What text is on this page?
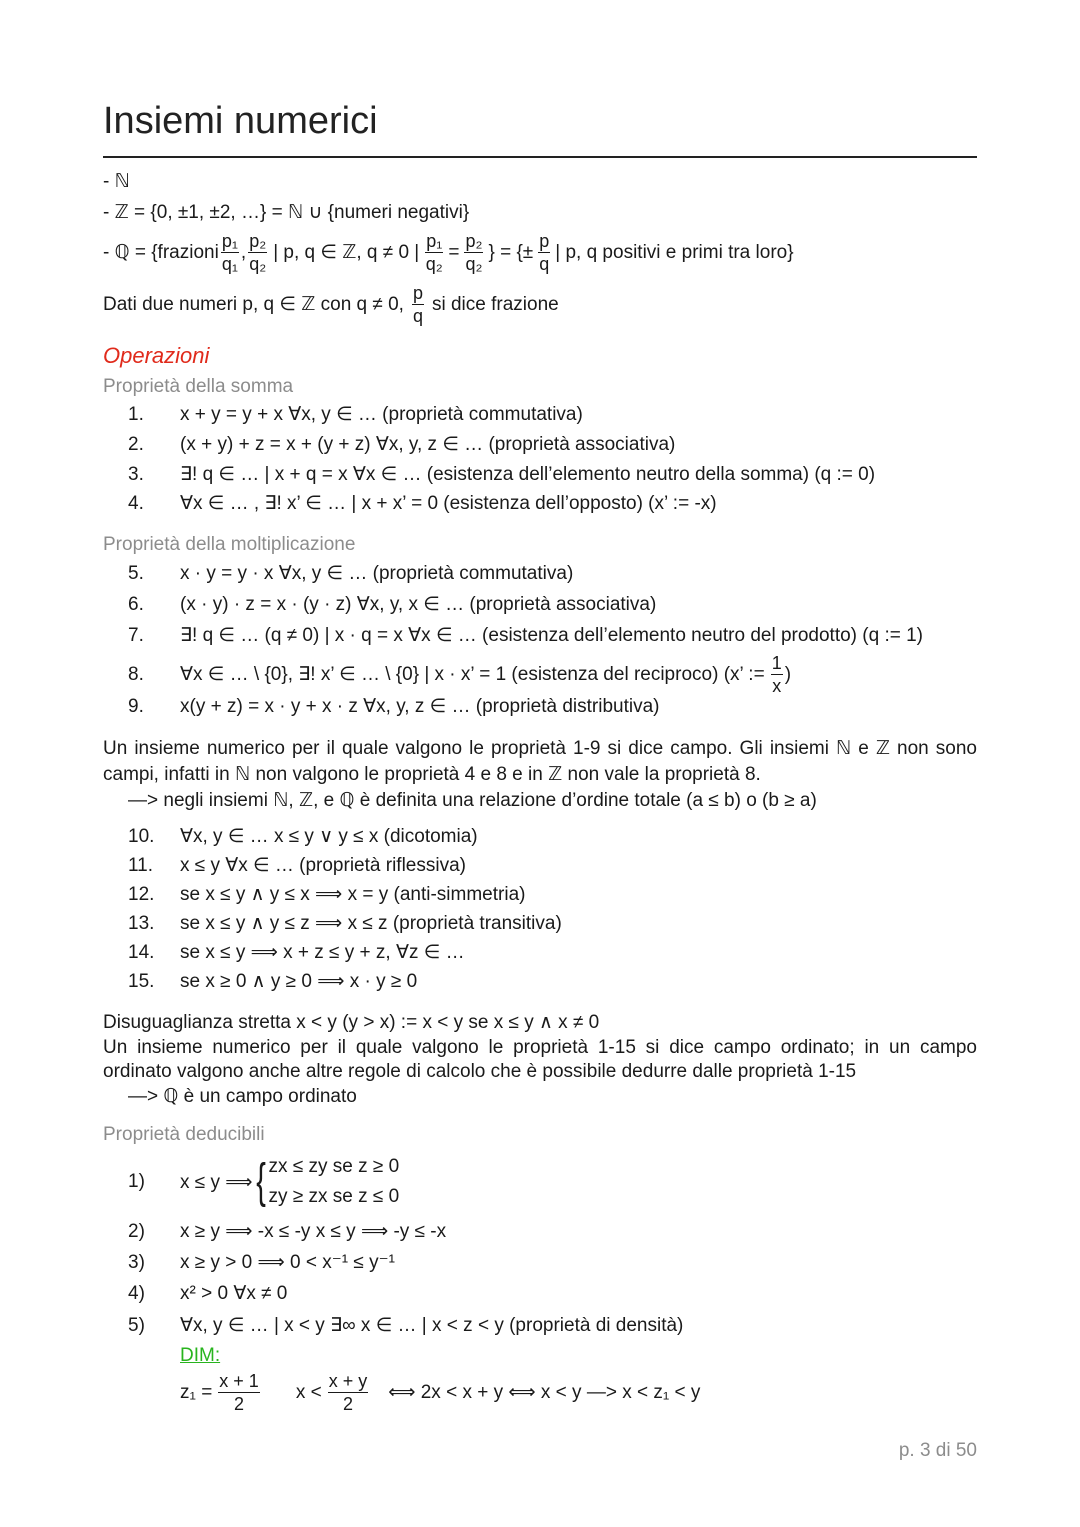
Insiemi numerici
- ℕ
- ℤ = {0, ±1, ±2, …} = ℕ ∪ {numeri negativi}
- ℚ = {frazioni $\frac{\text{p₁}}{\text{q₁}}$ , $\frac{\text{p₂}}{\text{q₂}}$ | p, q ∈ ℤ, q ≠ 0 | $\frac{\text{p₁}}{\text{q₂}} = \frac{\text{p₂}}{\text{q₂}}$ } = {± $\frac{p}{q}$ | p, q positivi e primi tra loro}
Dati due numeri p, q ∈ ℤ con q ≠ 0, $\frac{p}{q}$ si dice frazione
Operazioni
Proprietà della somma
1. x + y = y + x ∀x, y ∈ … (proprietà commutativa)
2. (x + y) + z = x + (y + z) ∀x, y, z ∈ … (proprietà associativa)
3. ∃! q ∈ … | x + q = x ∀x ∈ … (esistenza dell’elemento neutro della somma) (q := 0)
4. ∀x ∈ … , ∃! x’ ∈ … | x + x’ = 0 (esistenza dell’opposto) (x’ := -x)
Proprietà della moltiplicazione
5. x · y = y · x ∀x, y ∈ … (proprietà commutativa)
6. (x · y) · z = x · (y · z) ∀x, y, x ∈ … (proprietà associativa)
7. ∃! q ∈ … (q ≠ 0) | x · q = x ∀x ∈ … (esistenza dell’elemento neutro del prodotto) (q := 1)
8.	∀x ∈ … \ {0}, ∃! x’ ∈ … \ {0} | x · x’ = 1 (esistenza del reciproco) (x’ := $\frac{1}{x}$ )
9. x(y + z) = x · y + x · z ∀x, y, z ∈ … (proprietà distributiva)
Un insieme numerico per il quale valgono le proprietà 1-9 si dice campo. Gli insiemi ℕ e ℤ non sono campi, infatti in ℕ non valgono le proprietà 4 e 8 e in ℤ non vale la proprietà 8.
—> negli insiemi ℕ, ℤ, e ℚ è definita una relazione d’ordine totale (a ≤ b) o (b ≥ a)
10. ∀x, y ∈ … x ≤ y ∨ y ≤ x (dicotomia)
11. x ≤ y ∀x ∈ … (proprietà riflessiva)
12. se x ≤ y ∧ y ≤ x ⟹ x = y (anti-simmetria)
13. se x ≤ y ∧ y ≤ z ⟹ x ≤ z (proprietà transitiva)
14. se x ≤ y ⟹ x + z ≤ y + z, ∀z ∈ …
15. se x ≥ 0 ∧ y ≥ 0 ⟹ x · y ≥ 0
Disuguaglianza stretta x < y (y > x) := x < y se x ≤ y ∧ x ≠ 0
Un insieme numerico per il quale valgono le proprietà 1-15 si dice campo ordinato; in un campo ordinato valgono anche altre regole di calcolo che è possibile dedurre dalle proprietà 1-15
—> ℚ è un campo ordinato
Proprietà deducibili
1)	x ≤ y ⟹ { zx ≤ zy se z ≥ 0
zy ≥ zx se z ≤ 0
2) x ≥ y ⟹ -x ≤ -y x ≤ y ⟹ -y ≤ -x
3) x ≥ y > 0 ⟹ 0 < x⁻¹ ≤ y⁻¹
4) x² > 0 ∀x ≠ 0
5) ∀x, y ∈ … | x < y ∃∞ x ∈ … | x < z < y (proprietà di densità)
DIM:
$z_1 = \frac{x + 1}{2}$ $x < \frac{x + y}{2}$ ⟺ 2x < x + y ⟺ x < y —> x < z₁ < y
p. 3 di 50
